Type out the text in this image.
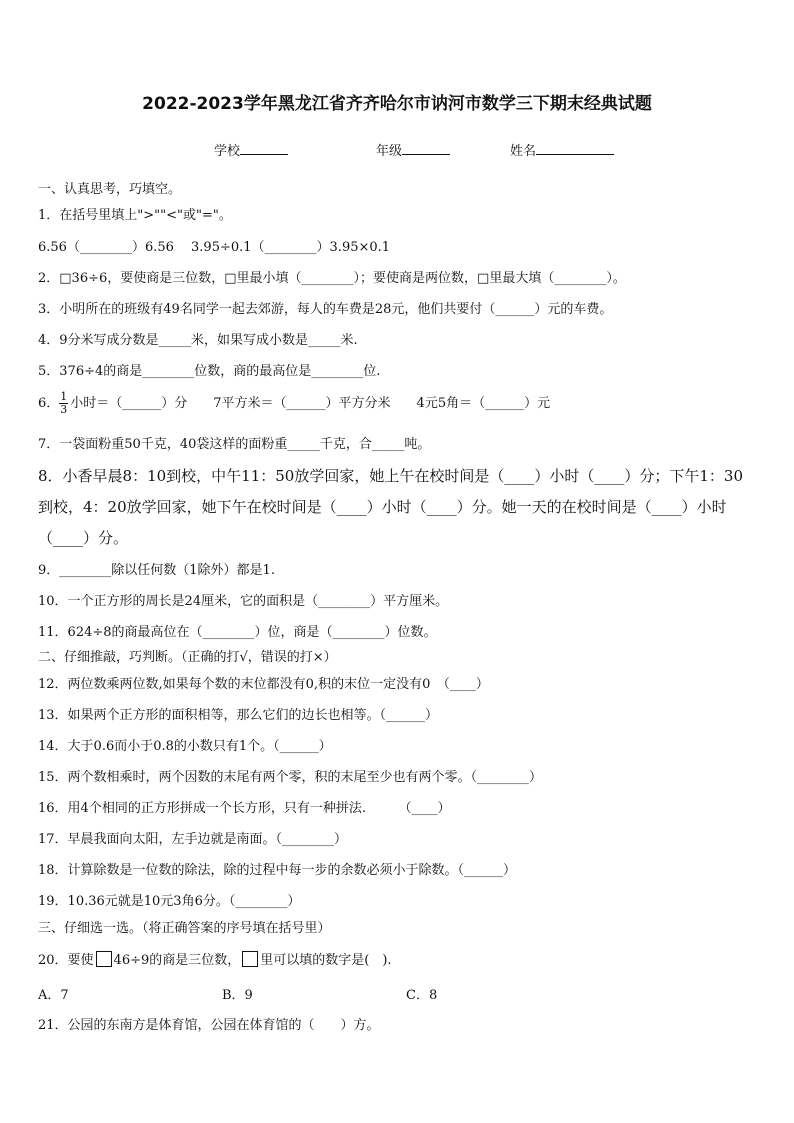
2022-2023学年黑龙江省齐齐哈尔市讷河市数学三下期末经典试题
学校	年级	姓名
一、认真思考，巧填空。
1．在括号里填上">""<"或"="。
6.56（________）6.56　 3.95÷0.1（________）3.95×0.1
2．□36÷6，要使商是三位数，□里最小填（________）；要使商是两位数，□里最大填（________）。
3．小明所在的班级有49名同学一起去郊游，每人的车费是28元，他们共要付（______）元的车费。
4．9分米写成分数是_____米，如果写成小数是_____米.
5．376÷4的商是________位数，商的最高位是________位.
6． $\frac{1}{3}$ 小时＝（______）分　　7平方米＝（______）平方分米　　4元5角＝（______）元
7．一袋面粉重50千克，40袋这样的面粉重_____千克，合_____吨。
8．小香早晨8：10到校，中午11：50放学回家，她上午在校时间是（____）小时（____）分；下午1：30
到校，4：20放学回家，她下午在校时间是（____）小时（____）分。她一天的在校时间是（____）小时
（____）分。
9．________除以任何数（1除外）都是1.
10．一个正方形的周长是24厘米，它的面积是（________）平方厘米。
11．624÷8的商最高位在（________）位，商是（________）位数。
二、仔细推敲，巧判断。（正确的打√，错误的打×）
12．两位数乘两位数,如果每个数的末位都没有0,积的末位一定没有0　（____）
13．如果两个正方形的面积相等，那么它们的边长也相等。（______）
14．大于0.6而小于0.8的小数只有1个。（______）
15．两个数相乘时，两个因数的末尾有两个零，积的末尾至少也有两个零。（________）
16．用4个相同的正方形拼成一个长方形，只有一种拼法.　　　（____）
17．早晨我面向太阳，左手边就是南面。（________）
18．计算除数是一位数的除法，除的过程中每一步的余数必须小于除数。（______）
19．10.36元就是10元3角6分。（________）
三、仔细选一选。（将正确答案的序号填在括号里）
20．要使 46÷9的商是三位数， 里可以填的数字是(　).
A．7	B．9	C．8
21．公园的东南方是体育馆，公园在体育馆的（　　）方。
